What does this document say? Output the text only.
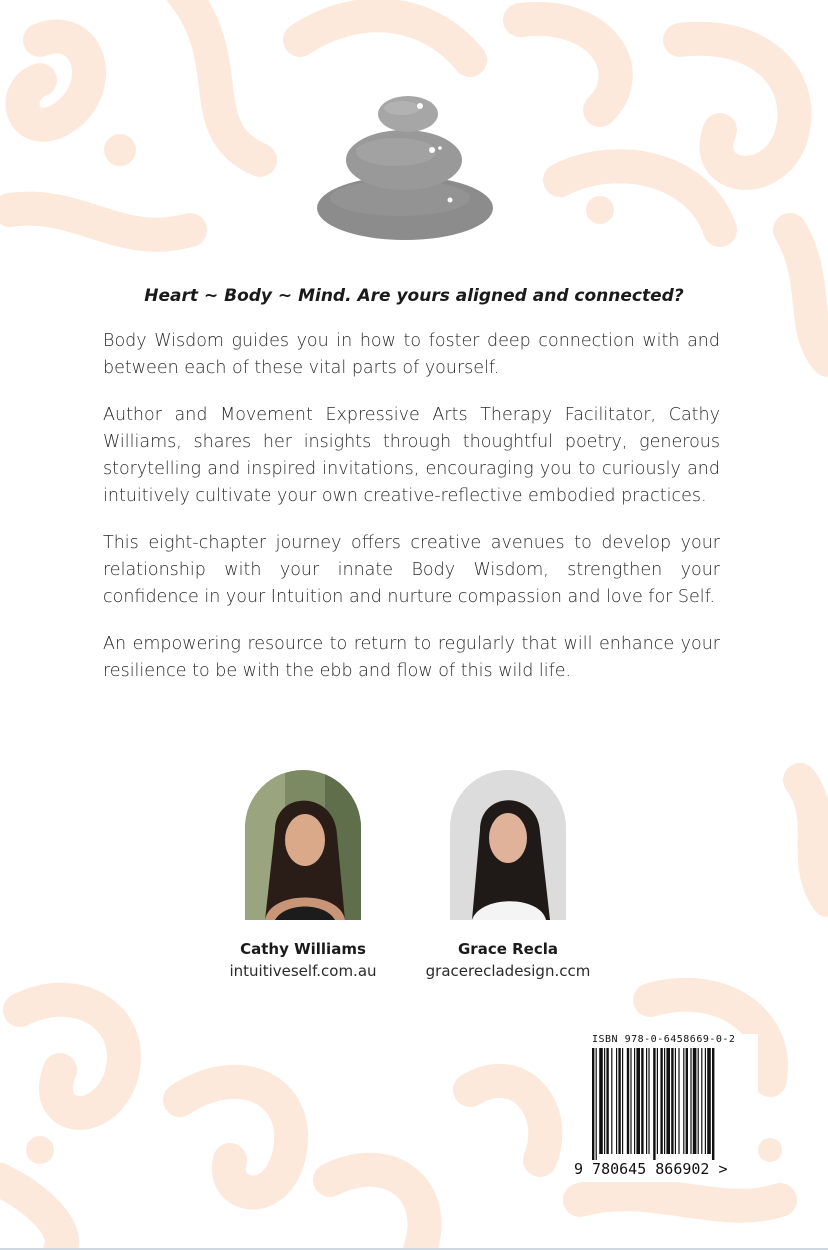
Heart ~ Body ~ Mind. Are yours aligned and connected?

Body Wisdom guides you in how to foster deep connection with and between each of these vital parts of yourself.

Author and Movement Expressive Arts Therapy Facilitator, Cathy Williams, shares her insights through thoughtful poetry, generous storytelling and inspired invitations, encouraging you to curiously and intuitively cultivate your own creative-reflective embodied practices.

This eight-chapter journey offers creative avenues to develop your relationship with your innate Body Wisdom, strengthen your confidence in your Intuition and nurture compassion and love for Self.

An empowering resource to return to regularly that will enhance your resilience to be with the ebb and flow of this wild life.

Cathy Williams
intuitiveself.com.au
Grace Recla
gracerecladesign.ccm
ISBN 978-0-6458669-0-2
9 780645 866902 >
